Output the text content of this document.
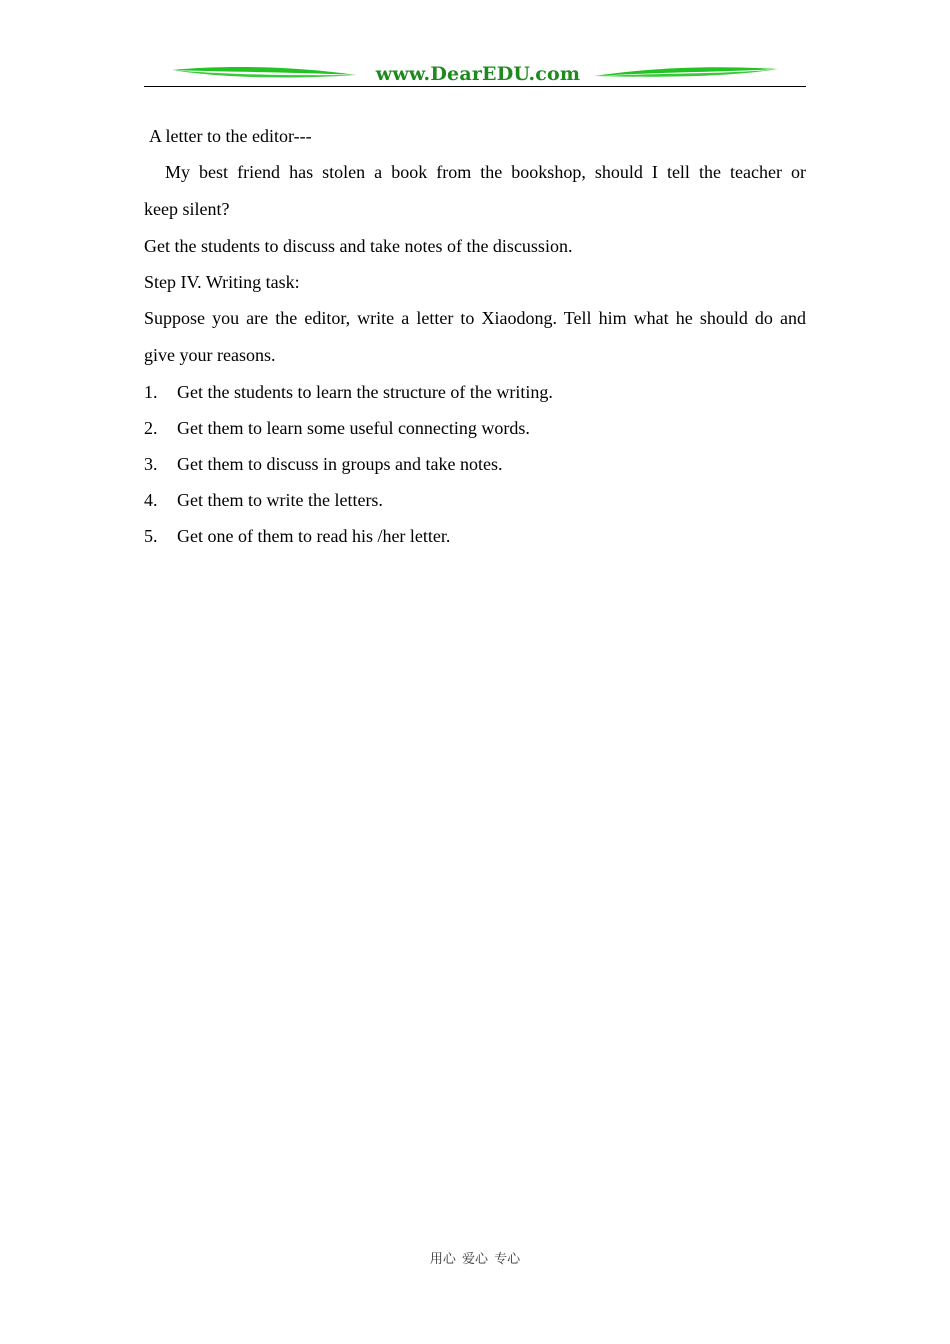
www.DearEDU.com

A letter to the editor---

My best friend has stolen a book from the bookshop, should I tell the teacher or

keep silent?

Get the students to discuss and take notes of the discussion.

Step IV. Writing task:

Suppose you are the editor, write a letter to Xiaodong. Tell him what he should do and

give your reasons.

1.	Get the students to learn the structure of the writing.
2.	Get them to learn some useful connecting words.
3.	Get them to discuss in groups and take notes.
4.	Get them to write the letters.
5.	Get one of them to read his /her letter.
用心 爱心 专心
